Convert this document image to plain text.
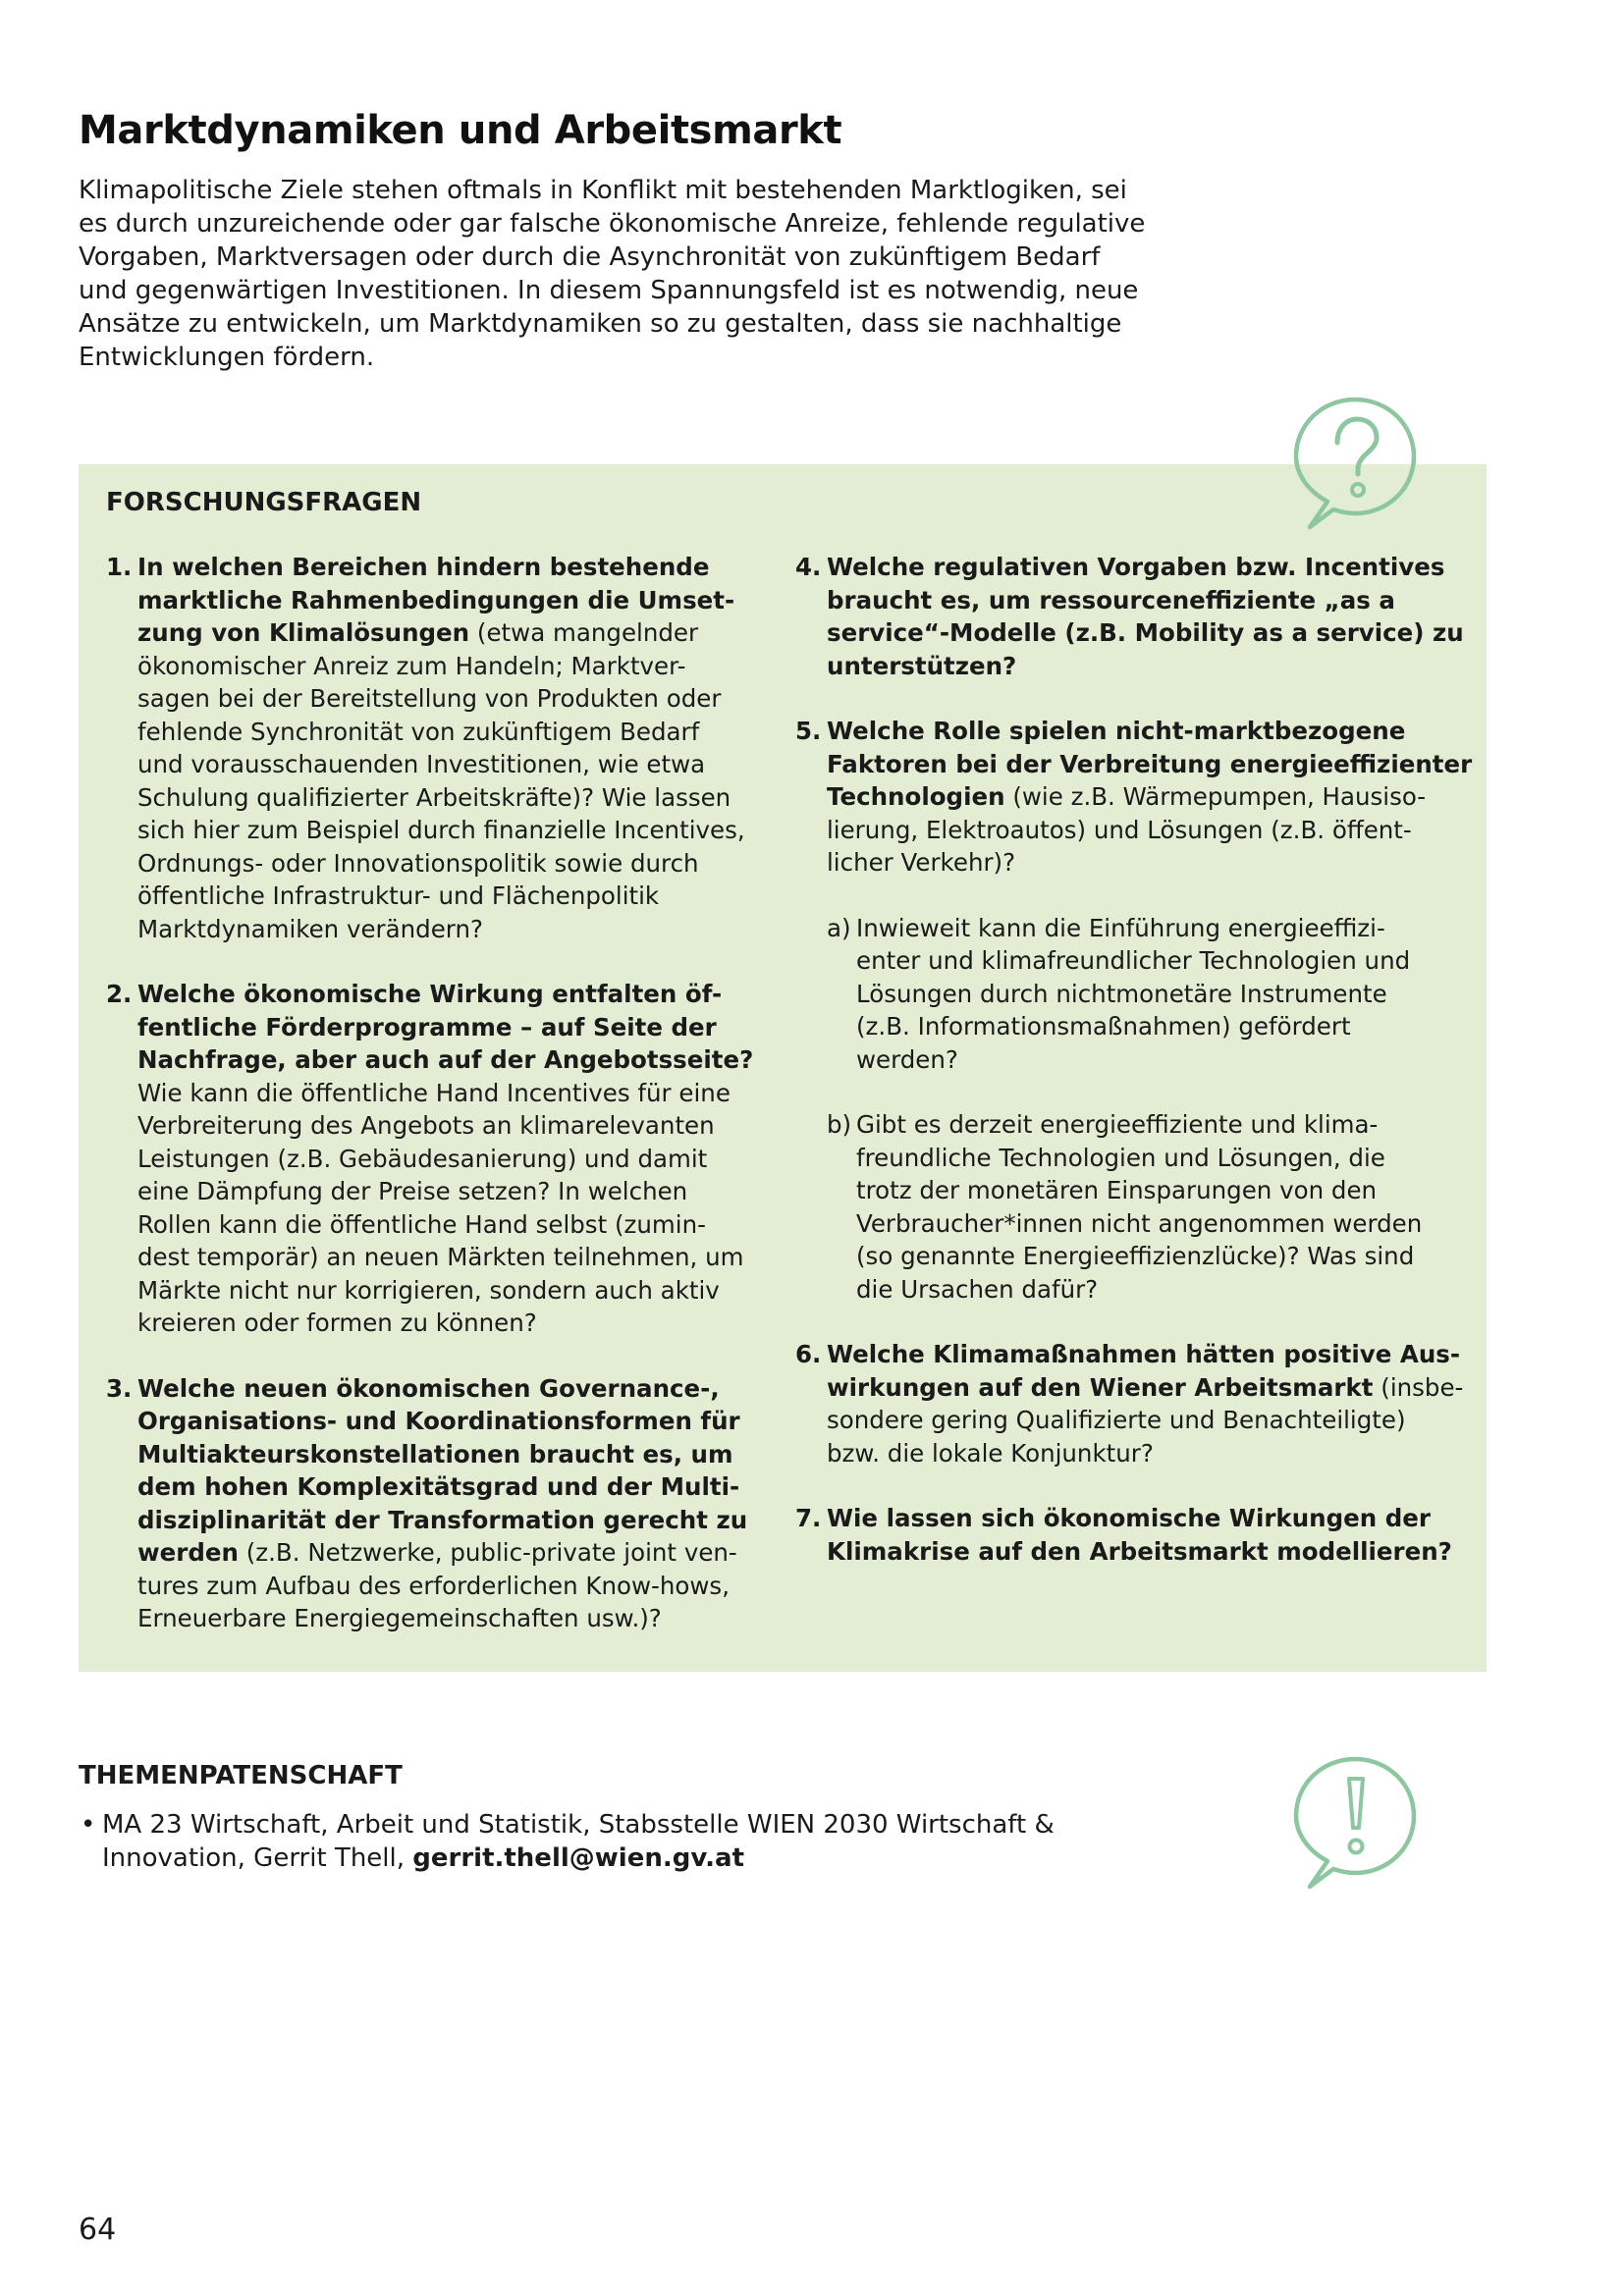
Marktdynamiken und Arbeitsmarkt
Klimapolitische Ziele stehen oftmals in Konflikt mit bestehenden Marktlogiken, sei
es durch unzureichende oder gar falsche ökonomische Anreize, fehlende regulative
Vorgaben, Marktversagen oder durch die Asynchronität von zukünftigem Bedarf
und gegenwärtigen Investitionen. In diesem Spannungsfeld ist es notwendig, neue
Ansätze zu entwickeln, um Marktdynamiken so zu gestalten, dass sie nachhaltige
Entwicklungen fördern.
FORSCHUNGSFRAGEN
1. In welchen Bereichen hindern bestehende
marktliche Rahmenbedingungen die Umset-
zung von Klimalösungen (etwa mangelnder
ökonomischer Anreiz zum Handeln; Marktver-
sagen bei der Bereitstellung von Produkten oder
fehlende Synchronität von zukünftigem Bedarf
und vorausschauenden Investitionen, wie etwa
Schulung qualifizierter Arbeitskräfte)? Wie lassen
sich hier zum Beispiel durch finanzielle Incentives,
Ordnungs- oder Innovationspolitik sowie durch
öffentliche Infrastruktur- und Flächenpolitik
Marktdynamiken verändern?
2. Welche ökonomische Wirkung entfalten öf-
fentliche Förderprogramme – auf Seite der
Nachfrage, aber auch auf der Angebotsseite?
Wie kann die öffentliche Hand Incentives für eine
Verbreiterung des Angebots an klimarelevanten
Leistungen (z.B. Gebäudesanierung) und damit
eine Dämpfung der Preise setzen? In welchen
Rollen kann die öffentliche Hand selbst (zumin-
dest temporär) an neuen Märkten teilnehmen, um
Märkte nicht nur korrigieren, sondern auch aktiv
kreieren oder formen zu können?
3. Welche neuen ökonomischen Governance-,
Organisations- und Koordinationsformen für
Multiakteurskonstellationen braucht es, um
dem hohen Komplexitätsgrad und der Multi-
disziplinarität der Transformation gerecht zu
werden (z.B. Netzwerke, public-private joint ven-
tures zum Aufbau des erforderlichen Know-hows,
Erneuerbare Energiegemeinschaften usw.)?
4. Welche regulativen Vorgaben bzw. Incentives
braucht es, um ressourceneffiziente „as a
service“-Modelle (z.B. Mobility as a service) zu
unterstützen?
5. Welche Rolle spielen nicht-marktbezogene
Faktoren bei der Verbreitung energieeffizienter
Technologien (wie z.B. Wärmepumpen, Hausiso-
lierung, Elektroautos) und Lösungen (z.B. öffent-
licher Verkehr)?
a) Inwieweit kann die Einführung energieeffizi-
enter und klimafreundlicher Technologien und
Lösungen durch nichtmonetäre Instrumente
(z.B. Informationsmaßnahmen) gefördert
werden?
b) Gibt es derzeit energieeffiziente und klima-
freundliche Technologien und Lösungen, die
trotz der monetären Einsparungen von den
Verbraucher*innen nicht angenommen werden
(so genannte Energieeffizienzlücke)? Was sind
die Ursachen dafür?
6. Welche Klimamaßnahmen hätten positive Aus-
wirkungen auf den Wiener Arbeitsmarkt (insbe-
sondere gering Qualifizierte und Benachteiligte)
bzw. die lokale Konjunktur?
7. Wie lassen sich ökonomische Wirkungen der
Klimakrise auf den Arbeitsmarkt modellieren?
THEMENPATENSCHAFT
• MA 23 Wirtschaft, Arbeit und Statistik, Stabsstelle WIEN 2030 Wirtschaft &
Innovation, Gerrit Thell, gerrit.thell@wien.gv.at
64
